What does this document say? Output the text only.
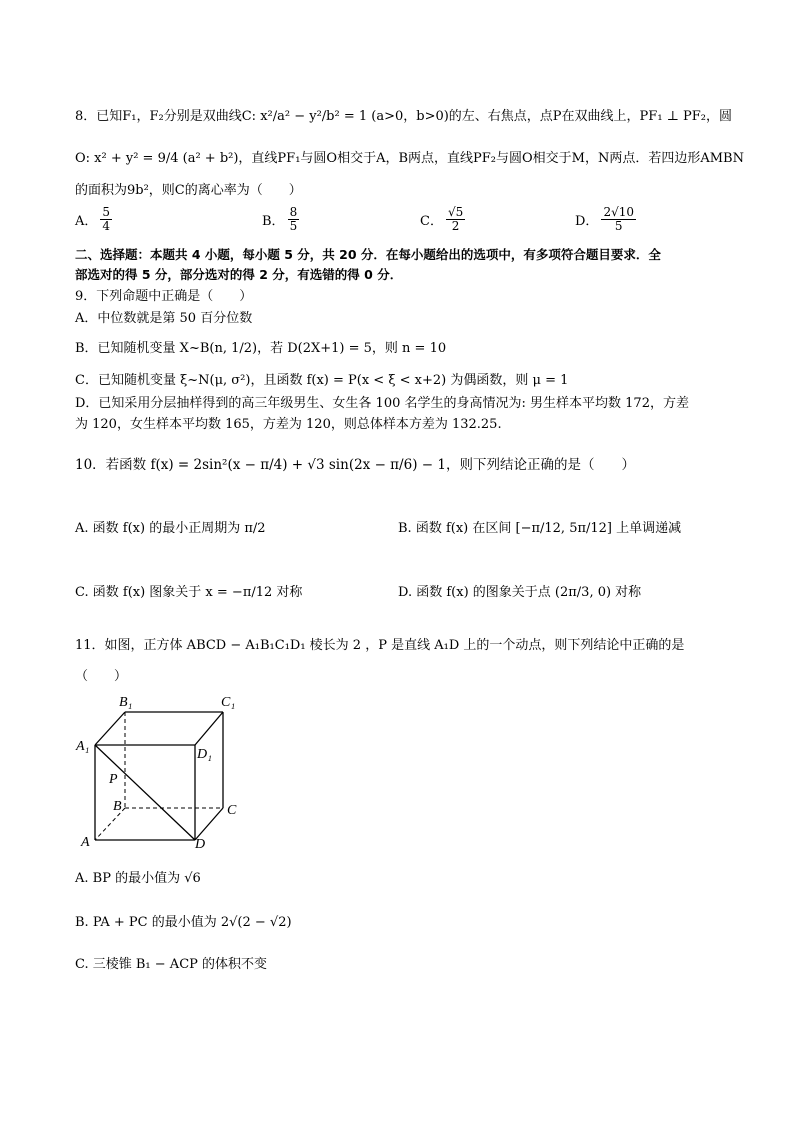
8．已知F₁，F₂分别是双曲线C: x²/a² − y²/b² = 1 (a>0，b>0)的左、右焦点，点P在双曲线上，PF₁ ⊥ PF₂，圆
O: x² + y² = 9/4 (a² + b²)，直线PF₁与圆O相交于A，B两点，直线PF₂与圆O相交于M，N两点．若四边形AMBN
的面积为9b²，则C的离心率为（　　）
A． $\frac{5}{4}$	B． $\frac{8}{5}$	C． $\frac{√5}{2}$	D． $\frac{2√10}{5}$
二、选择题：本题共 4 小题，每小题 5 分，共 20 分．在每小题给出的选项中，有多项符合题目要求．全
部选对的得 5 分，部分选对的得 2 分，有选错的得 0 分．
9．下列命题中正确是（　　）
A．中位数就是第 50 百分位数
B．已知随机变量 X~B(n, 1/2)，若 D(2X+1) = 5，则 n = 10
C．已知随机变量 ξ~N(μ, σ²)，且函数 f(x) = P(x < ξ < x+2) 为偶函数，则 μ = 1
D．已知采用分层抽样得到的高三年级男生、女生各 100 名学生的身高情况为: 男生样本平均数 172，方差
为 120，女生样本平均数 165，方差为 120，则总体样本方差为 132.25.
10．若函数 f(x) = 2sin²(x − π/4) + √3 sin(2x − π/6) − 1，则下列结论正确的是（　　）
A. 函数 f(x) 的最小正周期为 π/2	B. 函数 f(x) 在区间 [−π/12, 5π/12] 上单调递减
C. 函数 f(x) 图象关于 x = −π/12 对称	D. 函数 f(x) 的图象关于点 (2π/3, 0) 对称
11．如图，正方体 ABCD − A₁B₁C₁D₁ 棱长为 2 ，P 是直线 A₁D 上的一个动点，则下列结论中正确的是
（　　）
B₁	C₁
A₁
D₁
P
B	C
A	D
A. BP 的最小值为 √6
B. PA + PC 的最小值为 2√(2 − √2)
C. 三棱锥 B₁ − ACP 的体积不变
